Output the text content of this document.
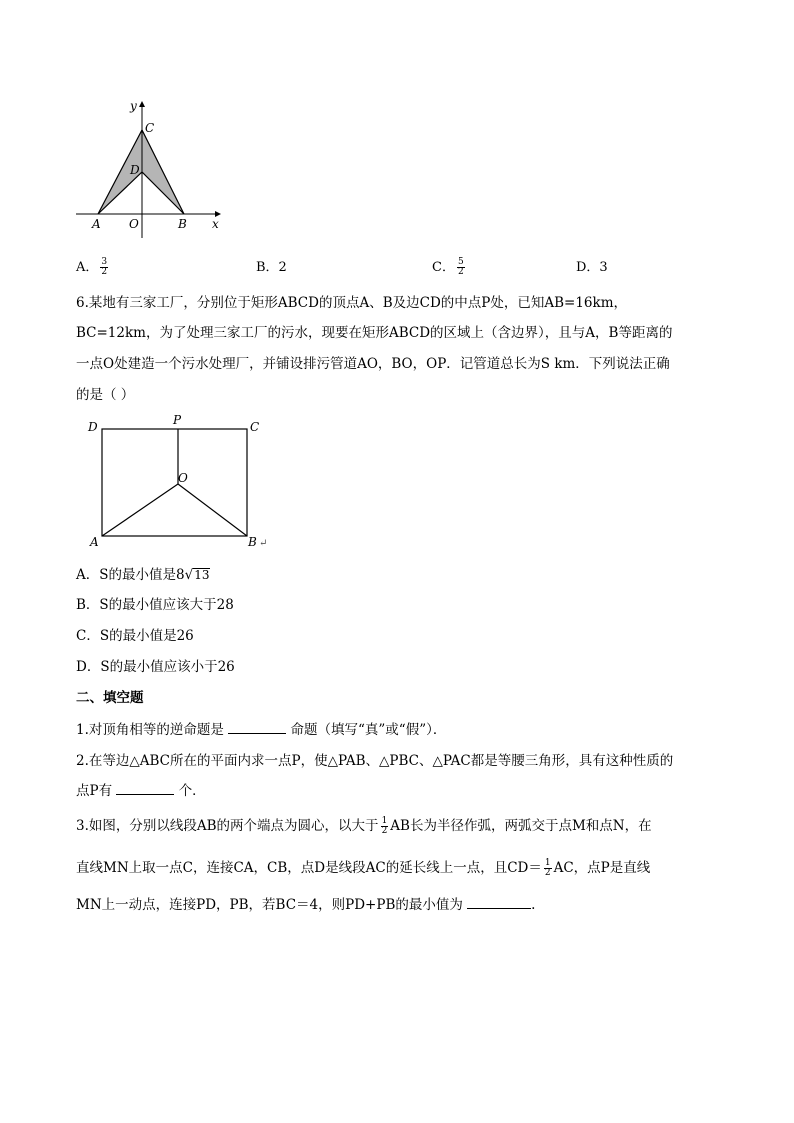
y
C
D
A O	B x
A． $\frac{3}{2}$	B．2	C． $\frac{5}{2}$	D．3
6.某地有三家工厂，分别位于矩形ABCD的顶点A、B及边CD的中点P处，已知AB=16km，
BC=12km，为了处理三家工厂的污水，现要在矩形ABCD的区域上（含边界），且与A，B等距离的
一点O处建造一个污水处理厂，并铺设排污管道AO，BO，OP．记管道总长为S km．下列说法正确
的是（ ）
D	P	C
O
A	B ↵
A．S的最小值是8√13
B．S的最小值应该大于28
C．S的最小值是26
D．S的最小值应该小于26
二、填空题
1.对顶角相等的逆命题是	命题（填写“真”或“假”）．
2.在等边△ABC所在的平面内求一点P，使△PAB、△PBC、△PAC都是等腰三角形，具有这种性质的
点P有	个．
3.如图，分别以线段AB的两个端点为圆心，以大于 $\frac{1}{2}$ AB长为半径作弧，两弧交于点M和点N，在
直线MN上取一点C，连接CA，CB，点D是线段AC的延长线上一点，且$CD= \frac{1}{2}$ AC，点P是直线
MN上一动点，连接PD，PB，若BC＝4，则PD+PB的最小值为	.
